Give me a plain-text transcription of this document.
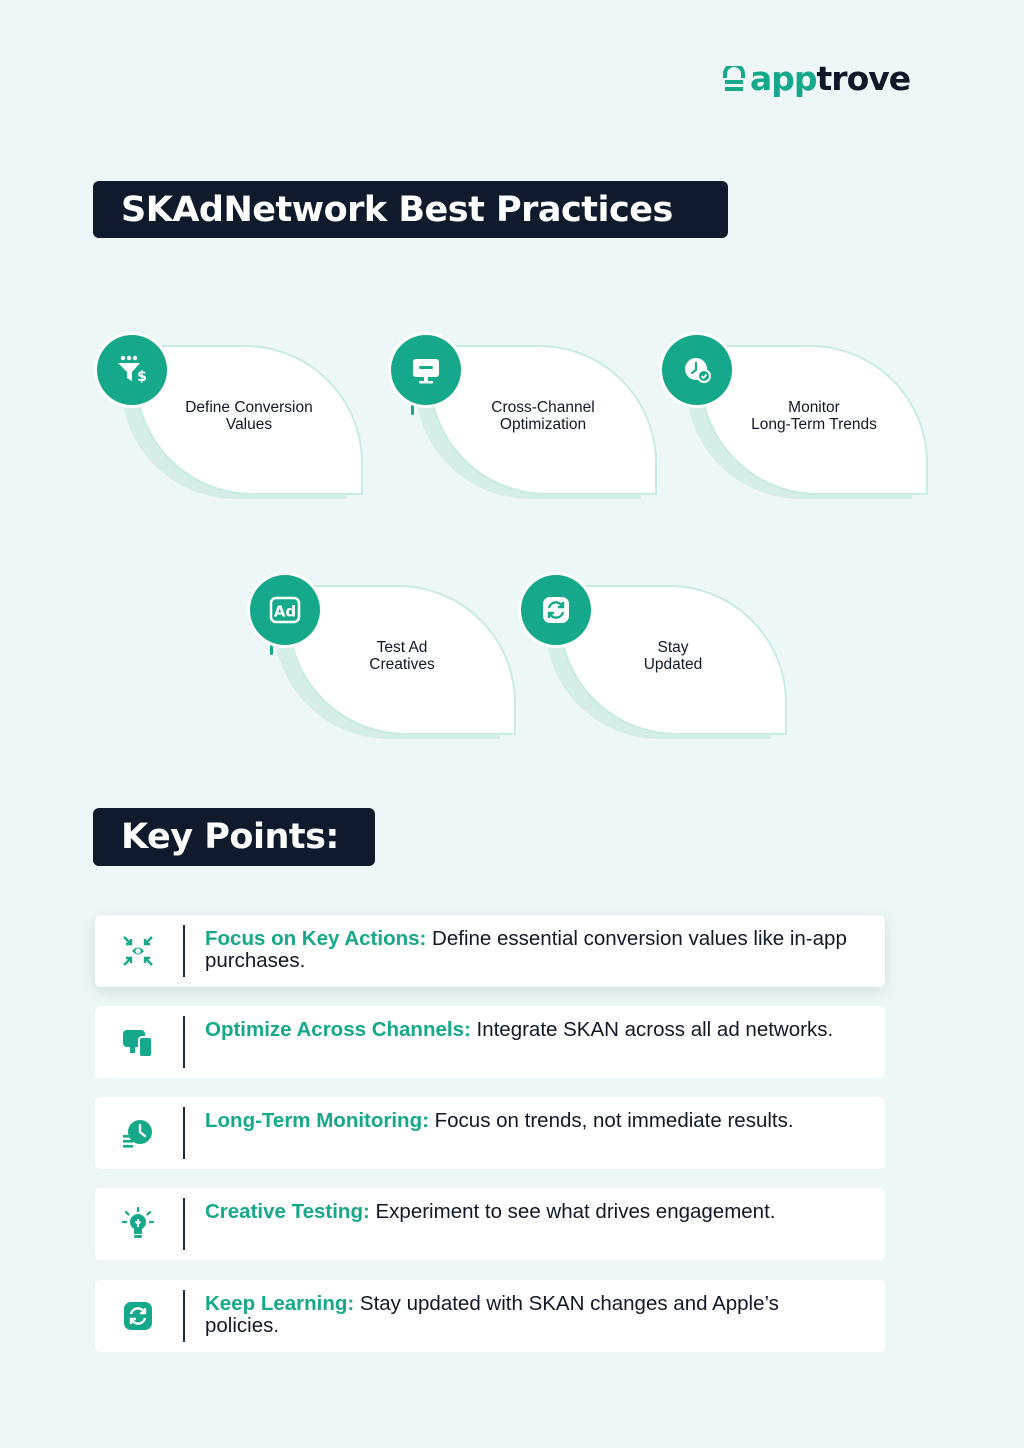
apptrove
SKAdNetwork Best Practices
Define Conversion
Values
$
Cross-Channel
Optimization
Monitor
Long-Term Trends
Test Ad
Creatives
Ad
Stay
Updated
Key Points:
Focus on Key Actions: Define essential conversion values like in-app purchases.
Optimize Across Channels: Integrate SKAN across all ad networks.
Long-Term Monitoring: Focus on trends, not immediate results.
Creative Testing: Experiment to see what drives engagement.
Keep Learning: Stay updated with SKAN changes and Apple’s policies.
